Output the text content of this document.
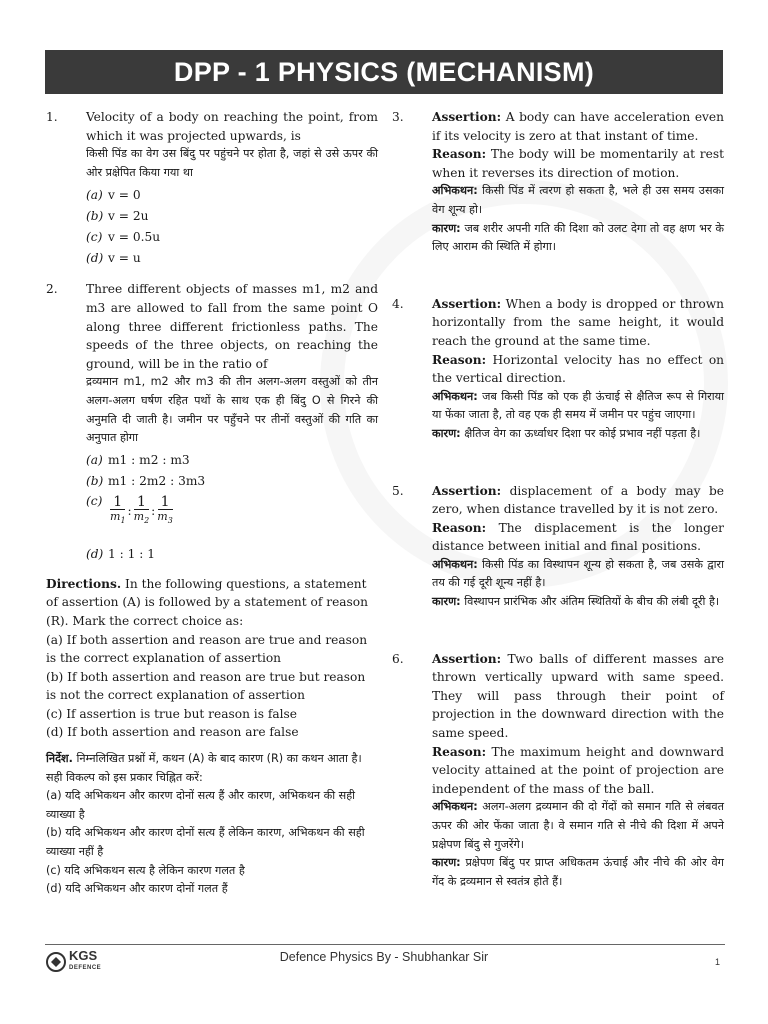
DPP - 1 PHYSICS (MECHANISM)
1.	Velocity of a body on reaching the point, from which it was projected upwards, is
किसी पिंड का वेग उस बिंदु पर पहुंचने पर होता है, जहां से उसे ऊपर की ओर प्रक्षेपित किया गया था
(a) v = 0
(b) v = 2u
(c) v = 0.5u
(d) v = u
2.	Three different objects of masses m1, m2 and m3 are allowed to fall from the same point O along three different frictionless paths. The speeds of the three objects, on reaching the ground, will be in the ratio of
द्रव्यमान m1, m2 और m3 की तीन अलग-अलग वस्तुओं को तीन अलग-अलग घर्षण रहित पथों के साथ एक ही बिंदु O से गिरने की अनुमति दी जाती है। जमीन पर पहुँचने पर तीनों वस्तुओं की गति का अनुपात होगा
(a) m1 : m2 : m3
(b) m1 : 2m2 : 3m3
$(c) \frac{1}{m_1}$ : $\frac{1}{m_2}$ : $\frac{1}{m_3}$
(d) 1 : 1 : 1
Directions. In the following questions, a statement of assertion (A) is followed by a statement of reason (R). Mark the correct choice as:
(a) If both assertion and reason are true and reason is the correct explanation of assertion
(b) If both assertion and reason are true but reason is not the correct explanation of assertion
(c) If assertion is true but reason is false
(d) If both assertion and reason are false
निर्देश. निम्नलिखित प्रश्नों में, कथन (A) के बाद कारण (R) का कथन आता है।
सही विकल्प को इस प्रकार चिह्नित करें:
(a) यदि अभिकथन और कारण दोनों सत्य हैं और कारण, अभिकथन की सही व्याख्या है
(b) यदि अभिकथन और कारण दोनों सत्य हैं लेकिन कारण, अभिकथन की सही व्याख्या नहीं है
(c) यदि अभिकथन सत्य है लेकिन कारण गलत है
(d) यदि अभिकथन और कारण दोनों गलत हैं
3.	Assertion: A body can have acceleration even if its velocity is zero at that instant of time.
Reason: The body will be momentarily at rest when it reverses its direction of motion.
अभिकथन: किसी पिंड में त्वरण हो सकता है, भले ही उस समय उसका वेग शून्य हो।
कारण: जब शरीर अपनी गति की दिशा को उलट देगा तो वह क्षण भर के लिए आराम की स्थिति में होगा।
4.	Assertion: When a body is dropped or thrown horizontally from the same height, it would reach the ground at the same time.
Reason: Horizontal velocity has no effect on the vertical direction.
अभिकथन: जब किसी पिंड को एक ही ऊंचाई से क्षैतिज रूप से गिराया या फेंका जाता है, तो वह एक ही समय में जमीन पर पहुंच जाएगा।
कारण: क्षैतिज वेग का ऊर्ध्वाधर दिशा पर कोई प्रभाव नहीं पड़ता है।
5.	Assertion: displacement of a body may be zero, when distance travelled by it is not zero.
Reason: The displacement is the longer distance between initial and final positions.
अभिकथन: किसी पिंड का विस्थापन शून्य हो सकता है, जब उसके द्वारा तय की गई दूरी शून्य नहीं है।
कारण: विस्थापन प्रारंभिक और अंतिम स्थितियों के बीच की लंबी दूरी है।
6.	Assertion: Two balls of different masses are thrown vertically upward with same speed. They will pass through their point of projection in the downward direction with the same speed.
Reason: The maximum height and downward velocity attained at the point of projection are independent of the mass of the ball.
अभिकथन: अलग-अलग द्रव्यमान की दो गेंदों को समान गति से लंबवत ऊपर की ओर फेंका जाता है। वे समान गति से नीचे की दिशा में अपने प्रक्षेपण बिंदु से गुजरेंगे।
कारण: प्रक्षेपण बिंदु पर प्राप्त अधिकतम ऊंचाई और नीचे की ओर वेग गेंद के द्रव्यमान से स्वतंत्र होते हैं।
KGS
DEFENCE
Defence Physics By - Shubhankar Sir	1
